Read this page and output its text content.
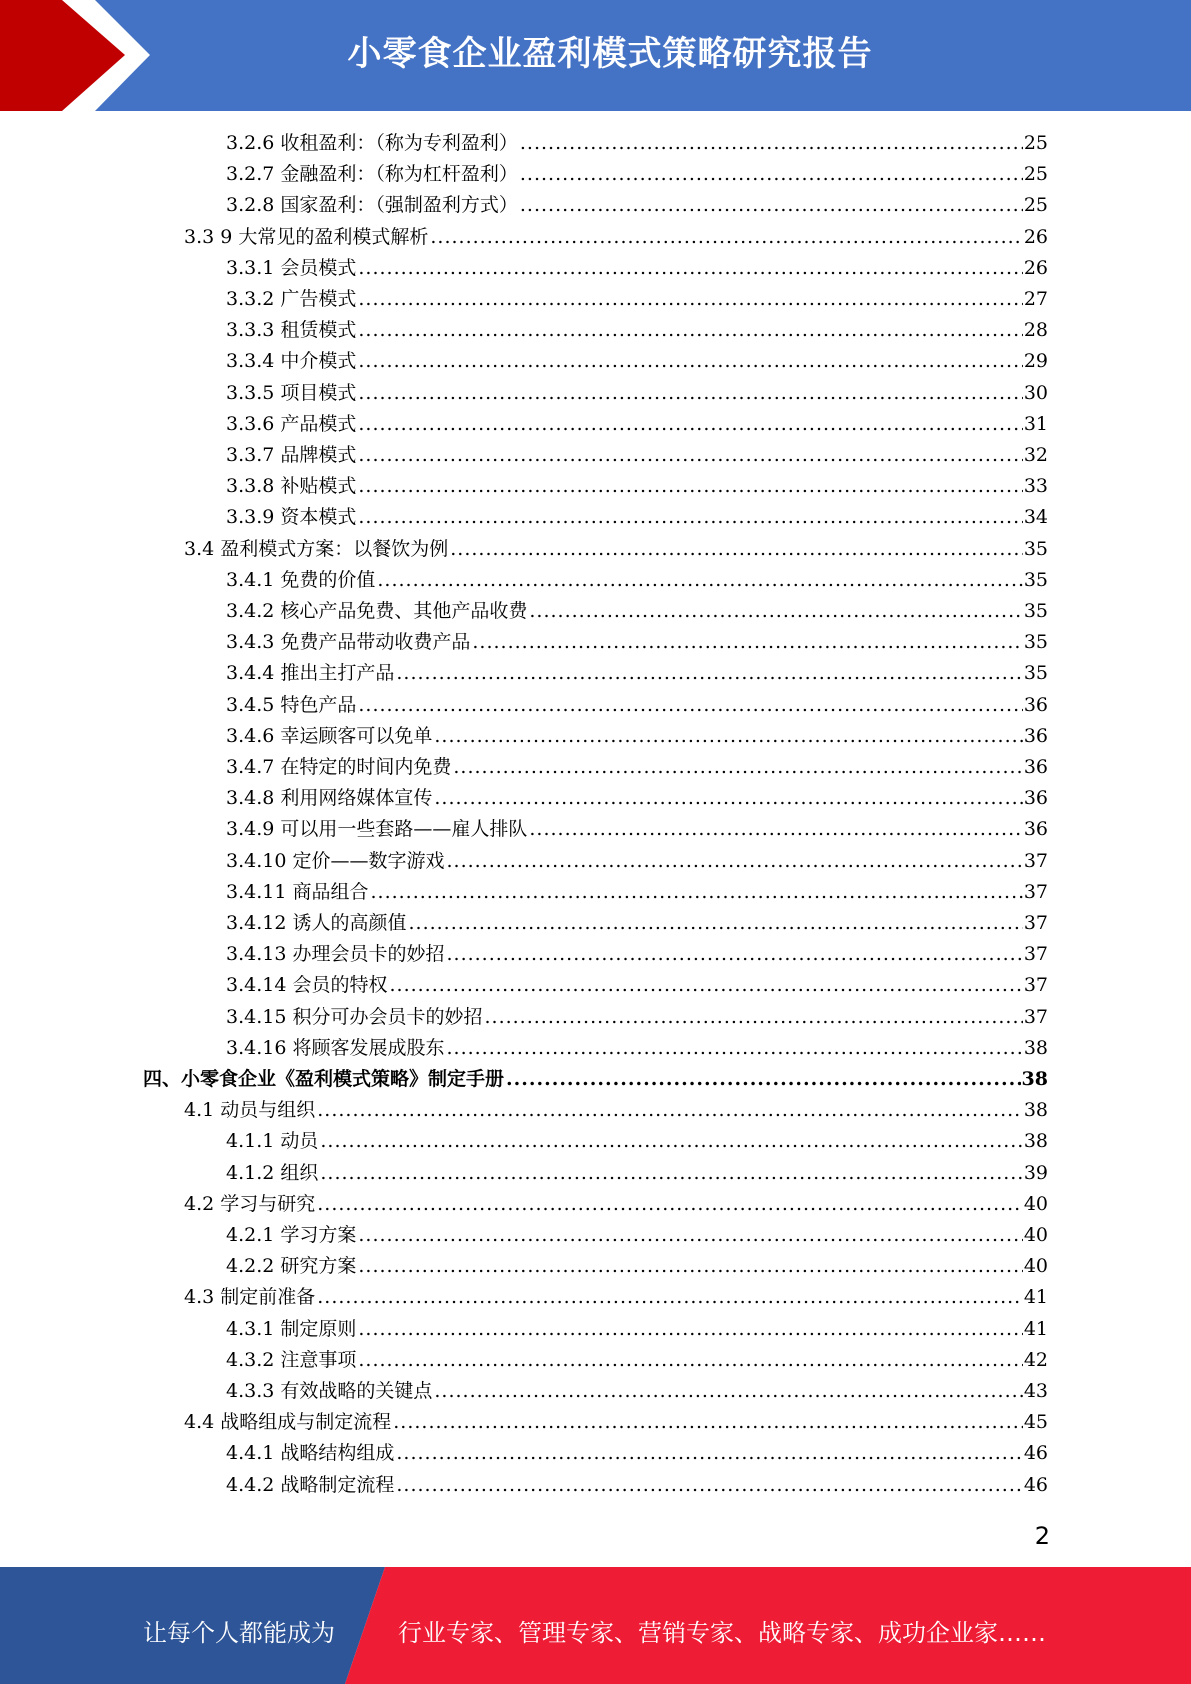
小零食企业盈利模式策略研究报告
3.2.6 收租盈利：（称为专利盈利） .....	25
3.2.7 金融盈利：（称为杠杆盈利） .....	25
3.2.8 国家盈利：（强制盈利方式） .....	25
3.3 9 大常见的盈利模式解析 .....	26
3.3.1 会员模式 .....	26
3.3.2 广告模式 .....	27
3.3.3 租赁模式 .....	28
3.3.4 中介模式 .....	29
3.3.5 项目模式 .....	30
3.3.6 产品模式 .....	31
3.3.7 品牌模式 .....	32
3.3.8 补贴模式 .....	33
3.3.9 资本模式 .....	34
3.4 盈利模式方案：以餐饮为例 .....	35
3.4.1 免费的价值 .....	35
3.4.2 核心产品免费、其他产品收费 .....	35
3.4.3 免费产品带动收费产品 .....	35
3.4.4 推出主打产品 .....	35
3.4.5 特色产品 .....	36
3.4.6 幸运顾客可以免单 .....	36
3.4.7 在特定的时间内免费 .....	36
3.4.8 利用网络媒体宣传 .....	36
3.4.9 可以用一些套路——雇人排队 .....	36
3.4.10 定价——数字游戏 .....	37
3.4.11 商品组合 .....	37
3.4.12 诱人的高颜值 .....	37
3.4.13 办理会员卡的妙招 .....	37
3.4.14 会员的特权 .....	37
3.4.15 积分可办会员卡的妙招 .....	37
3.4.16 将顾客发展成股东 .....	38
四、小零食企业《盈利模式策略》制定手册 .....	38
4.1 动员与组织 .....	38
4.1.1 动员 .....	38
4.1.2 组织 .....	39
4.2 学习与研究 .....	40
4.2.1 学习方案 .....	40
4.2.2 研究方案 .....	40
4.3 制定前准备 .....	41
4.3.1 制定原则 .....	41
4.3.2 注意事项 .....	42
4.3.3 有效战略的关键点 .....	43
4.4 战略组成与制定流程 .....	45
4.4.1 战略结构组成 .....	46
4.4.2 战略制定流程 .....	46
2
让每个人都能成为	行业专家、管理专家、营销专家、战略专家、成功企业家……
